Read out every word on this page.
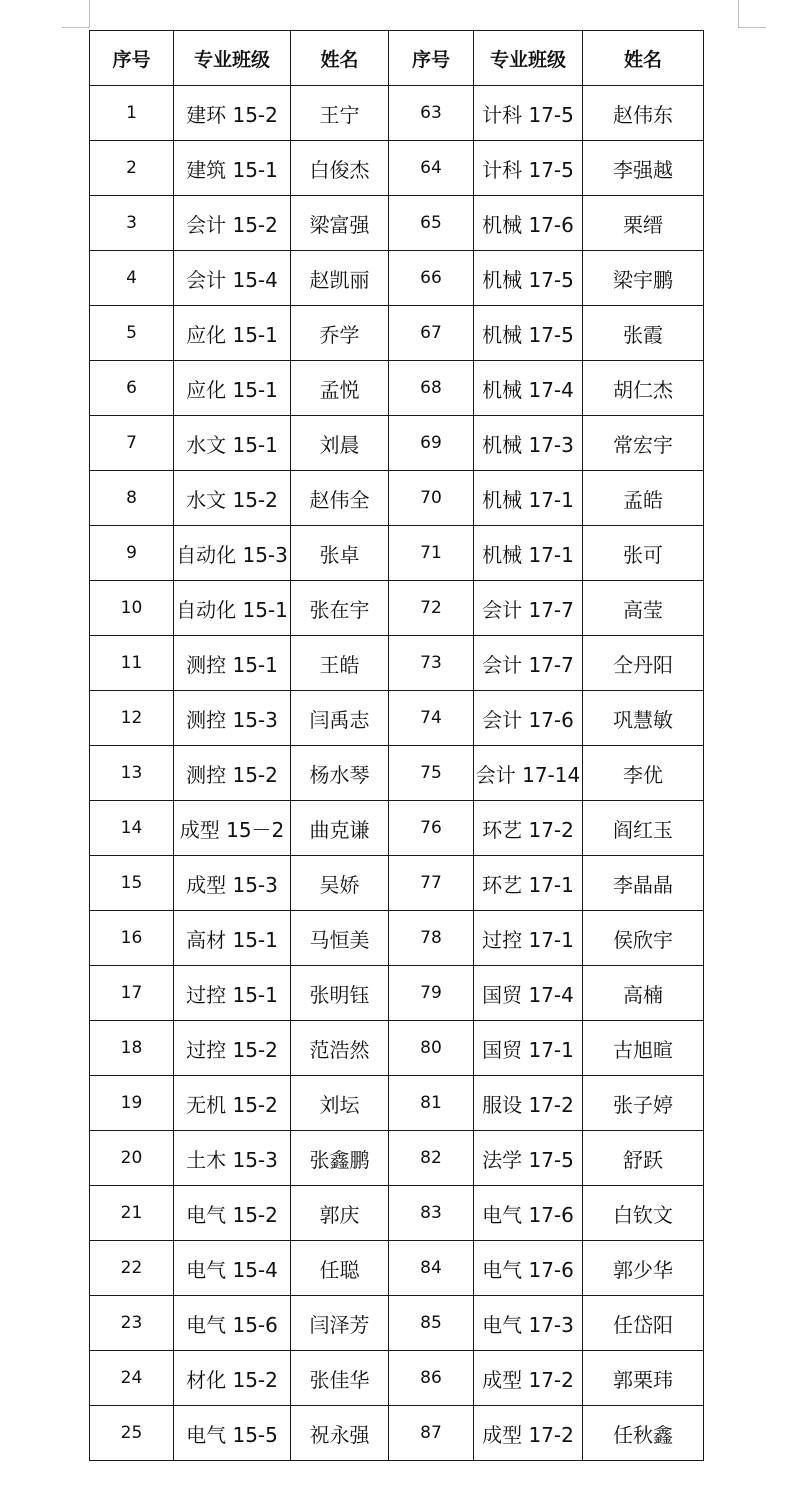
序号	专业班级	姓名	序号	专业班级	姓名
1	建环 15-2	王宁	63	计科 17-5	赵伟东
2	建筑 15-1	白俊杰	64	计科 17-5	李强越
3	会计 15-2	梁富强	65	机械 17-6	栗缙
4	会计 15-4	赵凯丽	66	机械 17-5	梁宇鹏
5	应化 15-1	乔学	67	机械 17-5	张霞
6	应化 15-1	孟悦	68	机械 17-4	胡仁杰
7	水文 15-1	刘晨	69	机械 17-3	常宏宇
8	水文 15-2	赵伟全	70	机械 17-1	孟皓
9	自动化 15-3	张卓	71	机械 17-1	张可
10	自动化 15-1	张在宇	72	会计 17-7	高莹
11	测控 15-1	王皓	73	会计 17-7	仝丹阳
12	测控 15-3	闫禹志	74	会计 17-6	巩慧敏
13	测控 15-2	杨水琴	75	会计 17-14	李优
14	成型 15－2	曲克谦	76	环艺 17-2	阎红玉
15	成型 15-3	吴娇	77	环艺 17-1	李晶晶
16	高材 15-1	马恒美	78	过控 17-1	侯欣宇
17	过控 15-1	张明钰	79	国贸 17-4	高楠
18	过控 15-2	范浩然	80	国贸 17-1	古旭暄
19	无机 15-2	刘坛	81	服设 17-2	张子婷
20	土木 15-3	张鑫鹏	82	法学 17-5	舒跃
21	电气 15-2	郭庆	83	电气 17-6	白钦文
22	电气 15-4	任聪	84	电气 17-6	郭少华
23	电气 15-6	闫泽芳	85	电气 17-3	任岱阳
24	材化 15-2	张佳华	86	成型 17-2	郭栗玮
25	电气 15-5	祝永强	87	成型 17-2	任秋鑫
